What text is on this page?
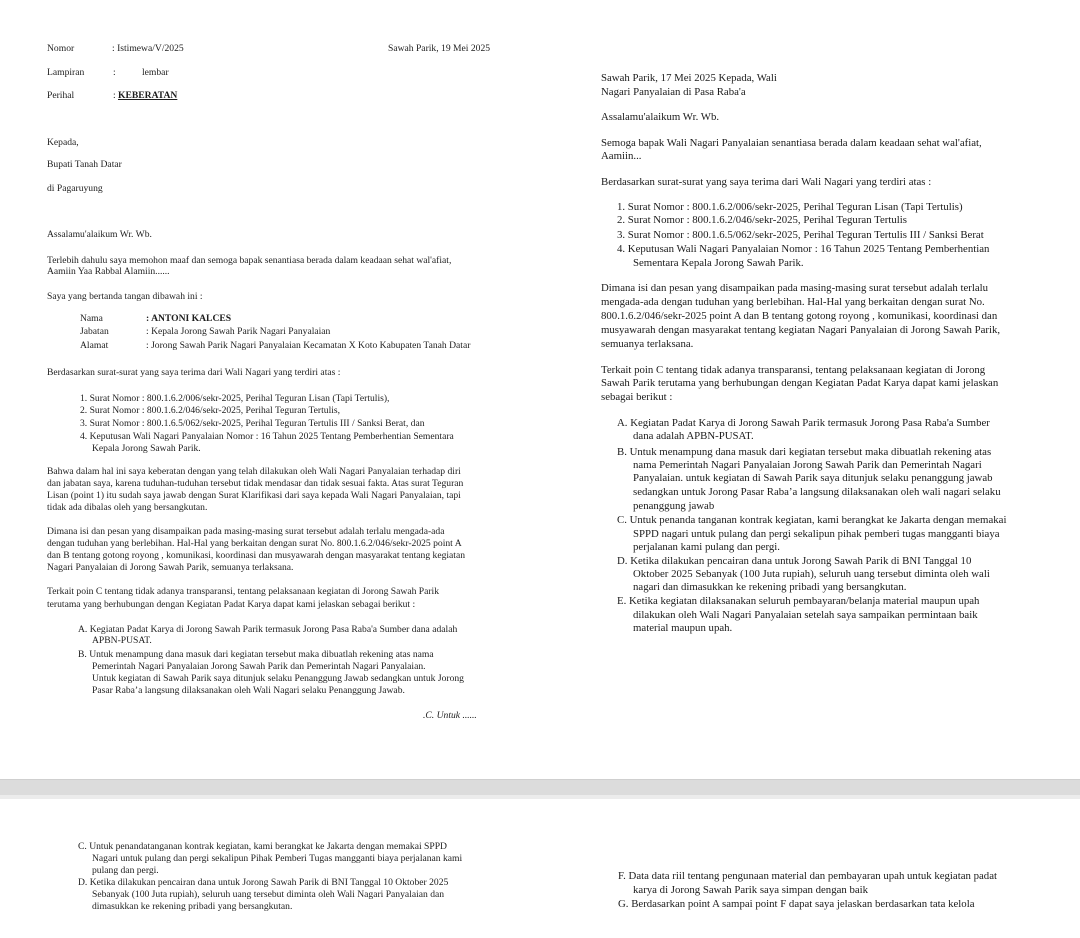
Nomor	: Istimewa/V/2025	Sawah Parik, 19 Mei 2025
Lampiran	:	lembar
Perihal	: KEBERATAN
Kepada,
Bupati Tanah Datar
di Pagaruyung
Assalamu'alaikum Wr. Wb.
Terlebih dahulu saya memohon maaf dan semoga bapak senantiasa berada dalam keadaan sehat wal'afiat,
Aamiin Yaa Rabbal Alamiin......
Saya yang bertanda tangan dibawah ini :
Nama	: ANTONI KALCES
Jabatan	: Kepala Jorong Sawah Parik Nagari Panyalaian
Alamat	: Jorong Sawah Parik Nagari Panyalaian Kecamatan X Koto Kabupaten Tanah Datar
Berdasarkan surat-surat yang saya terima dari Wali Nagari yang terdiri atas :
1. Surat Nomor : 800.1.6.2/006/sekr-2025, Perihal Teguran Lisan (Tapi Tertulis),
2. Surat Nomor : 800.1.6.2/046/sekr-2025, Perihal Teguran Tertulis,
3. Surat Nomor : 800.1.6.5/062/sekr-2025, Perihal Teguran Tertulis III / Sanksi Berat, dan
4. Keputusan Wali Nagari Panyalaian Nomor : 16 Tahun 2025 Tentang Pemberhentian Sementara
Kepala Jorong Sawah Parik.
Bahwa dalam hal ini saya keberatan dengan yang telah dilakukan oleh Wali Nagari Panyalaian terhadap diri
dan jabatan saya, karena tuduhan-tuduhan tersebut tidak mendasar dan tidak sesuai fakta. Atas surat Teguran
Lisan (point 1) itu sudah saya jawab dengan Surat Klarifikasi dari saya kepada Wali Nagari Panyalaian, tapi
tidak ada dibalas oleh yang bersangkutan.
Dimana isi dan pesan yang disampaikan pada masing-masing surat tersebut adalah terlalu mengada-ada
dengan tuduhan yang berlebihan. Hal-Hal yang berkaitan dengan surat No. 800.1.6.2/046/sekr-2025 point A
dan B tentang gotong royong , komunikasi, koordinasi dan musyawarah dengan masyarakat tentang kegiatan
Nagari Panyalaian di Jorong Sawah Parik, semuanya terlaksana.
Terkait poin C tentang tidak adanya transparansi, tentang pelaksanaan kegiatan di Jorong Sawah Parik
terutama yang berhubungan dengan Kegiatan Padat Karya dapat kami jelaskan sebagai berikut :
A. Kegiatan Padat Karya di Jorong Sawah Parik termasuk Jorong Pasa Raba'a Sumber dana adalah
APBN-PUSAT.
B. Untuk menampung dana masuk dari kegiatan tersebut maka dibuatlah rekening atas nama
Pemerintah Nagari Panyalaian Jorong Sawah Parik dan Pemerintah Nagari Panyalaian.
Untuk kegiatan di Sawah Parik saya ditunjuk selaku Penanggung Jawab sedangkan untuk Jorong
Pasar Raba’a langsung dilaksanakan oleh Wali Nagari selaku Penanggung Jawab.
.C. Untuk ......
Sawah Parik, 17 Mei 2025 Kepada, Wali
Nagari Panyalaian di Pasa Raba'a
Assalamu'alaikum Wr. Wb.
Semoga bapak Wali Nagari Panyalaian senantiasa berada dalam keadaan sehat wal'afiat,
Aamiin...
Berdasarkan surat-surat yang saya terima dari Wali Nagari yang terdiri atas :
1. Surat Nomor : 800.1.6.2/006/sekr-2025, Perihal Teguran Lisan (Tapi Tertulis)
2. Surat Nomor : 800.1.6.2/046/sekr-2025, Perihal Teguran Tertulis
3. Surat Nomor : 800.1.6.5/062/sekr-2025, Perihal Teguran Tertulis III / Sanksi Berat
4. Keputusan Wali Nagari Panyalaian Nomor : 16 Tahun 2025 Tentang Pemberhentian
Sementara Kepala Jorong Sawah Parik.
Dimana isi dan pesan yang disampaikan pada masing-masing surat tersebut adalah terlalu
mengada-ada dengan tuduhan yang berlebihan. Hal-Hal yang berkaitan dengan surat No.
800.1.6.2/046/sekr-2025 point A dan B tentang gotong royong , komunikasi, koordinasi dan
musyawarah dengan masyarakat tentang kegiatan Nagari Panyalaian di Jorong Sawah Parik,
semuanya terlaksana.
Terkait poin C tentang tidak adanya transparansi, tentang pelaksanaan kegiatan di Jorong
Sawah Parik terutama yang berhubungan dengan Kegiatan Padat Karya dapat kami jelaskan
sebagai berikut :
A. Kegiatan Padat Karya di Jorong Sawah Parik termasuk Jorong Pasa Raba'a Sumber
dana adalah APBN-PUSAT.
B. Untuk menampung dana masuk dari kegiatan tersebut maka dibuatlah rekening atas
nama Pemerintah Nagari Panyalaian Jorong Sawah Parik dan Pemerintah Nagari
Panyalaian. untuk kegiatan di Sawah Parik saya ditunjuk selaku penanggung jawab
sedangkan untuk Jorong Pasar Raba’a langsung dilaksanakan oleh wali nagari selaku
penanggung jawab
C. Untuk penanda tanganan kontrak kegiatan, kami berangkat ke Jakarta dengan memakai
SPPD nagari untuk pulang dan pergi sekalipun pihak pemberi tugas mangganti biaya
perjalanan kami pulang dan pergi.
D. Ketika dilakukan pencairan dana untuk Jorong Sawah Parik di BNI Tanggal 10
Oktober 2025 Sebanyak (100 Juta rupiah), seluruh uang tersebut diminta oleh wali
nagari dan dimasukkan ke rekening pribadi yang bersangkutan.
E. Ketika kegiatan dilaksanakan seluruh pembayaran/belanja material maupun upah
dilakukan oleh Wali Nagari Panyalaian setelah saya sampaikan permintaan baik
material maupun upah.
C. Untuk penandatanganan kontrak kegiatan, kami berangkat ke Jakarta dengan memakai SPPD
Nagari untuk pulang dan pergi sekalipun Pihak Pemberi Tugas mangganti biaya perjalanan kami
pulang dan pergi.
D. Ketika dilakukan pencairan dana untuk Jorong Sawah Parik di BNI Tanggal 10 Oktober 2025
Sebanyak (100 Juta rupiah), seluruh uang tersebut diminta oleh Wali Nagari Panyalaian dan
dimasukkan ke rekening pribadi yang bersangkutan.
F. Data data riil tentang pengunaan material dan pembayaran upah untuk kegiatan padat
karya di Jorong Sawah Parik saya simpan dengan baik
G. Berdasarkan point A sampai point F dapat saya jelaskan berdasarkan tata kelola
